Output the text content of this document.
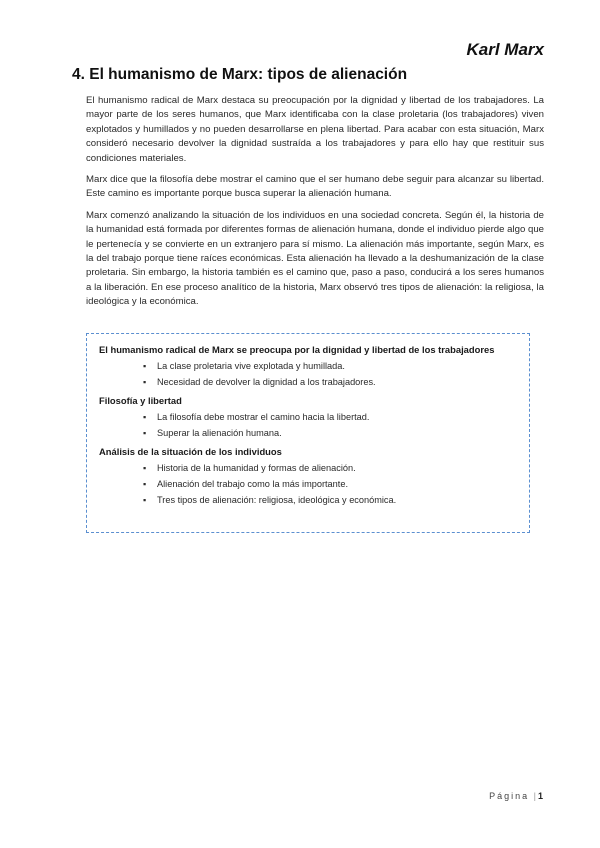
Karl Marx
4. El humanismo de Marx: tipos de alienación

El humanismo radical de Marx destaca su preocupación por la dignidad y libertad de los trabajadores. La mayor parte de los seres humanos, que Marx identificaba con la clase proletaria (los trabajadores) viven explotados y humillados y no pueden desarrollarse en plena libertad. Para acabar con esta situación, Marx consideró necesario devolver la dignidad sustraída a los trabajadores y para ello hay que restituir sus condiciones materiales.

Marx dice que la filosofía debe mostrar el camino que el ser humano debe seguir para alcanzar su libertad. Este camino es importante porque busca superar la alienación humana.

Marx comenzó analizando la situación de los individuos en una sociedad concreta. Según él, la historia de la humanidad está formada por diferentes formas de alienación humana, donde el individuo pierde algo que le pertenecía y se convierte en un extranjero para sí mismo. La alienación más importante, según Marx, es la del trabajo porque tiene raíces económicas. Esta alienación ha llevado a la deshumanización de la clase proletaria. Sin embargo, la historia también es el camino que, paso a paso, conducirá a los seres humanos a la liberación. En ese proceso analítico de la historia, Marx observó tres tipos de alienación: la religiosa, la ideológica y la económica.

El humanismo radical de Marx se preocupa por la dignidad y libertad de los trabajadores

▪ La clase proletaria vive explotada y humillada.
▪ Necesidad de devolver la dignidad a los trabajadores.

Filosofía y libertad

▪ La filosofía debe mostrar el camino hacia la libertad.
▪ Superar la alienación humana.

Análisis de la situación de los individuos

▪ Historia de la humanidad y formas de alienación.
▪ Alienación del trabajo como la más importante.
▪ Tres tipos de alienación: religiosa, ideológica y económica.
Página |1
